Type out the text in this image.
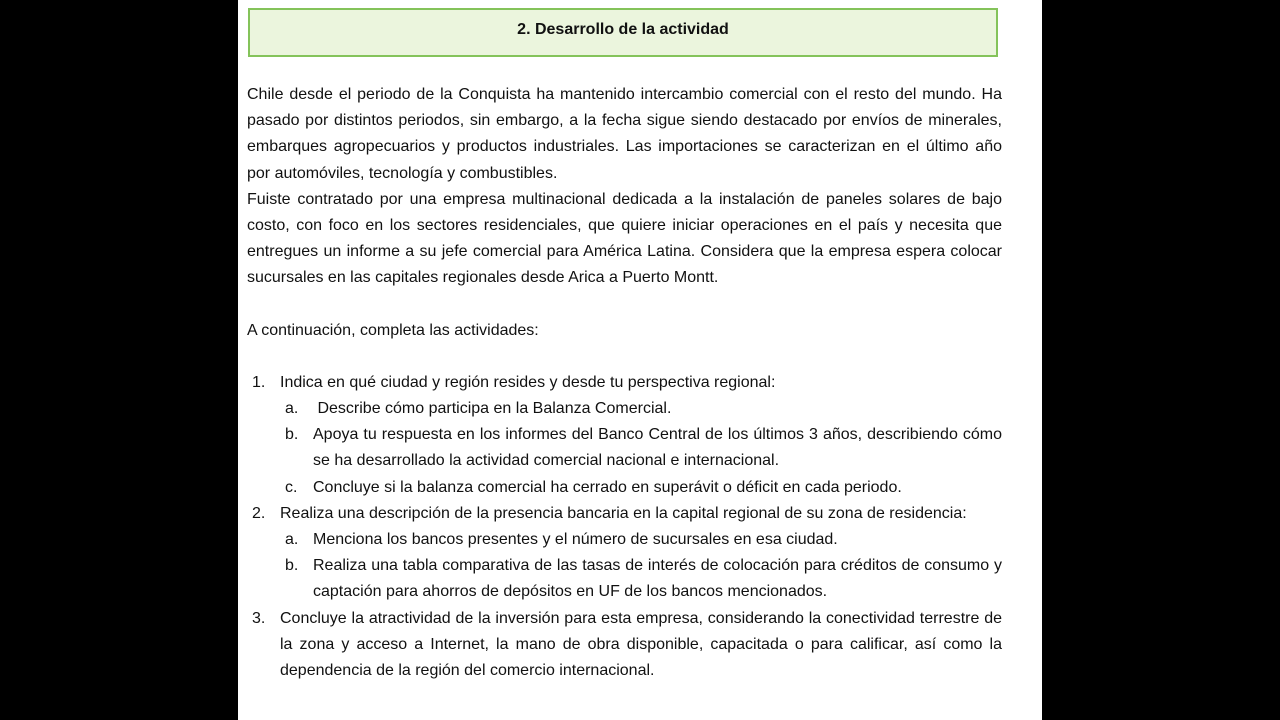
2. Desarrollo de la actividad

Chile desde el periodo de la Conquista ha mantenido intercambio comercial con el resto del mundo. Ha pasado por distintos periodos, sin embargo, a la fecha sigue siendo destacado por envíos de minerales, embarques agropecuarios y productos industriales. Las importaciones se caracterizan en el último año por automóviles, tecnología y combustibles.

Fuiste contratado por una empresa multinacional dedicada a la instalación de paneles solares de bajo costo, con foco en los sectores residenciales, que quiere iniciar operaciones en el país y necesita que entregues un informe a su jefe comercial para América Latina. Considera que la empresa espera colocar sucursales en las capitales regionales desde Arica a Puerto Montt.

A continuación, completa las actividades:

1. Indica en qué ciudad y región resides y desde tu perspectiva regional:
a. Describe cómo participa en la Balanza Comercial.
b. Apoya tu respuesta en los informes del Banco Central de los últimos 3 años, describiendo cómo se ha desarrollado la actividad comercial nacional e internacional.
c. Concluye si la balanza comercial ha cerrado en superávit o déficit en cada periodo.
2. Realiza una descripción de la presencia bancaria en la capital regional de su zona de residencia:
a. Menciona los bancos presentes y el número de sucursales en esa ciudad.
b. Realiza una tabla comparativa de las tasas de interés de colocación para créditos de consumo y captación para ahorros de depósitos en UF de los bancos mencionados.
3. Concluye la atractividad de la inversión para esta empresa, considerando la conectividad terrestre de la zona y acceso a Internet, la mano de obra disponible, capacitada o para calificar, así como la dependencia de la región del comercio internacional.
